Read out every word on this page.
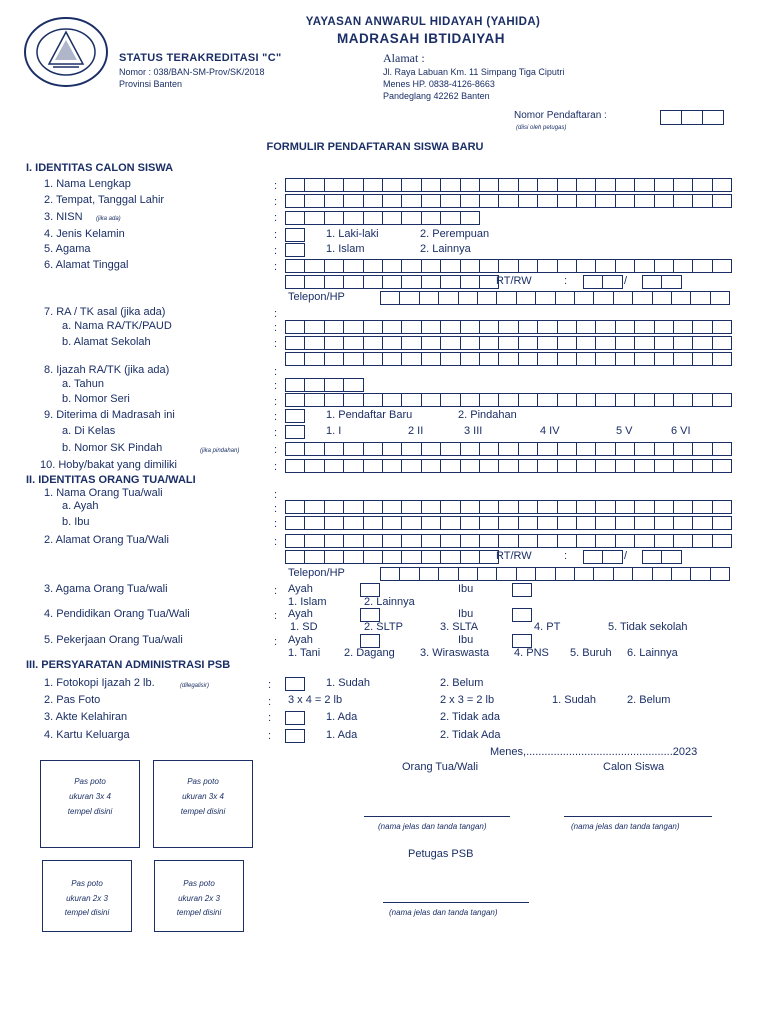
YAYASAN ANWARUL HIDAYAH (YAHIDA)
MADRASAH IBTIDAIYAH
STATUS TERAKREDITASI "C"
Nomor : 038/BAN-SM-Prov/SK/2018
Provinsi Banten
Alamat :
Jl. Raya Labuan Km. 11 Simpang Tiga Ciputri
Menes HP. 0838-4126-8663
Pandeglang 42262 Banten
Nomor Pendaftaran :
(diisi oleh petugas)
FORMULIR PENDAFTARAN SISWA BARU
I. IDENTITAS CALON SISWA
1. Nama Lengkap
2. Tempat, Tanggal Lahir
3. NISN (jika ada)
4. Jenis Kelamin	1. Laki-laki	2. Perempuan
5. Agama	1. Islam	2. Lainnya
6. Alamat Tinggal
RT/RW	:	/
Telepon/HP
7. RA / TK asal (jika ada)
a. Nama RA/TK/PAUD
b. Alamat Sekolah
8. Ijazah RA/TK (jika ada)
a. Tahun
b. Nomor Seri
9. Diterima di Madrasah ini	1. Pendaftar Baru	2. Pindahan
a. Di Kelas	1. I	2 II	3 III	4 IV	5 V	6 VI
b. Nomor SK Pindah	(jika pindahan)
10. Hoby/bakat yang dimiliki
II. IDENTITAS ORANG TUA/WALI
1. Nama Orang Tua/wali
a. Ayah
b. Ibu
2. Alamat Orang Tua/Wali
RT/RW	:	/
Telepon/HP
3. Agama Orang Tua/wali	Ayah	Ibu
1. Islam	2. Lainnya
4. Pendidikan Orang Tua/Wali	Ayah	Ibu
1. SD	2. SLTP	3. SLTA	4. PT	5. Tidak sekolah
5. Pekerjaan Orang Tua/wali	Ayah	Ibu
1. Tani 2. Dagang 3. Wiraswasta 4. PNS 5. Buruh 6. Lainnya
III. PERSYARATAN ADMINISTRASI PSB
1. Fotokopi Ijazah 2 lb.	(dilegalisir)	1. Sudah	2. Belum
2. Pas Foto	3 x 4 = 2 lb	2 x 3 = 2 lb	1. Sudah	2. Belum
3. Akte Kelahiran	1. Ada	2. Tidak ada
4. Kartu Keluarga	1. Ada	2. Tidak Ada
Menes,................................................2023
Orang Tua/Wali	Calon Siswa
(nama jelas dan tanda tangan)	(nama jelas dan tanda tangan)
Petugas PSB
(nama jelas dan tanda tangan)
Pas poto
ukuran 3x 4
tempel disini
Pas poto
ukuran 3x 4
tempel disini
Pas poto
ukuran 2x 3
tempel disini
Pas poto
ukuran 2x 3
tempel disini
:
:
:
:
:
:
:
:
:
:
:
:
:
:
:
:
:
:
:
:
:
:
:
:
:
:
:
